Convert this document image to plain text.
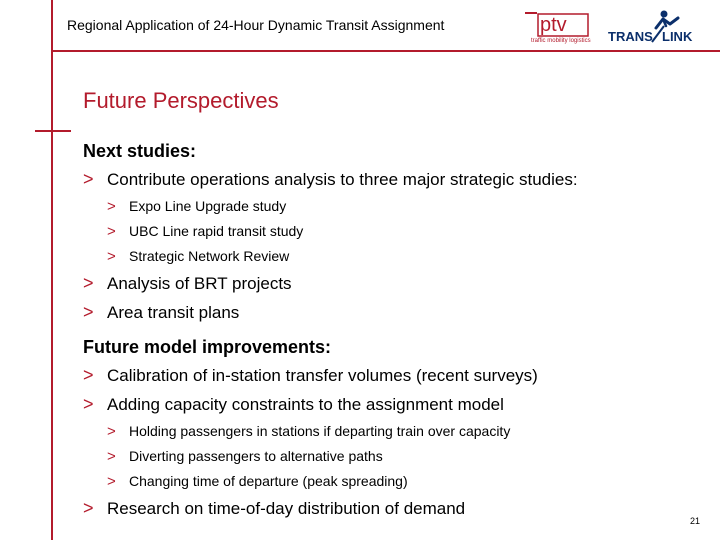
Regional Application of 24-Hour Dynamic Transit Assignment	ptv
traffic mobility logistics TRANS LINK
Future Perspectives
Next studies:
> Contribute operations analysis to three major strategic studies:
> Expo Line Upgrade study
> UBC Line rapid transit study
> Strategic Network Review
> Analysis of BRT projects
> Area transit plans
Future model improvements:
> Calibration of in-station transfer volumes (recent surveys)
> Adding capacity constraints to the assignment model
> Holding passengers in stations if departing train over capacity
> Diverting passengers to alternative paths
> Changing time of departure (peak spreading)
> Research on time-of-day distribution of demand
21
